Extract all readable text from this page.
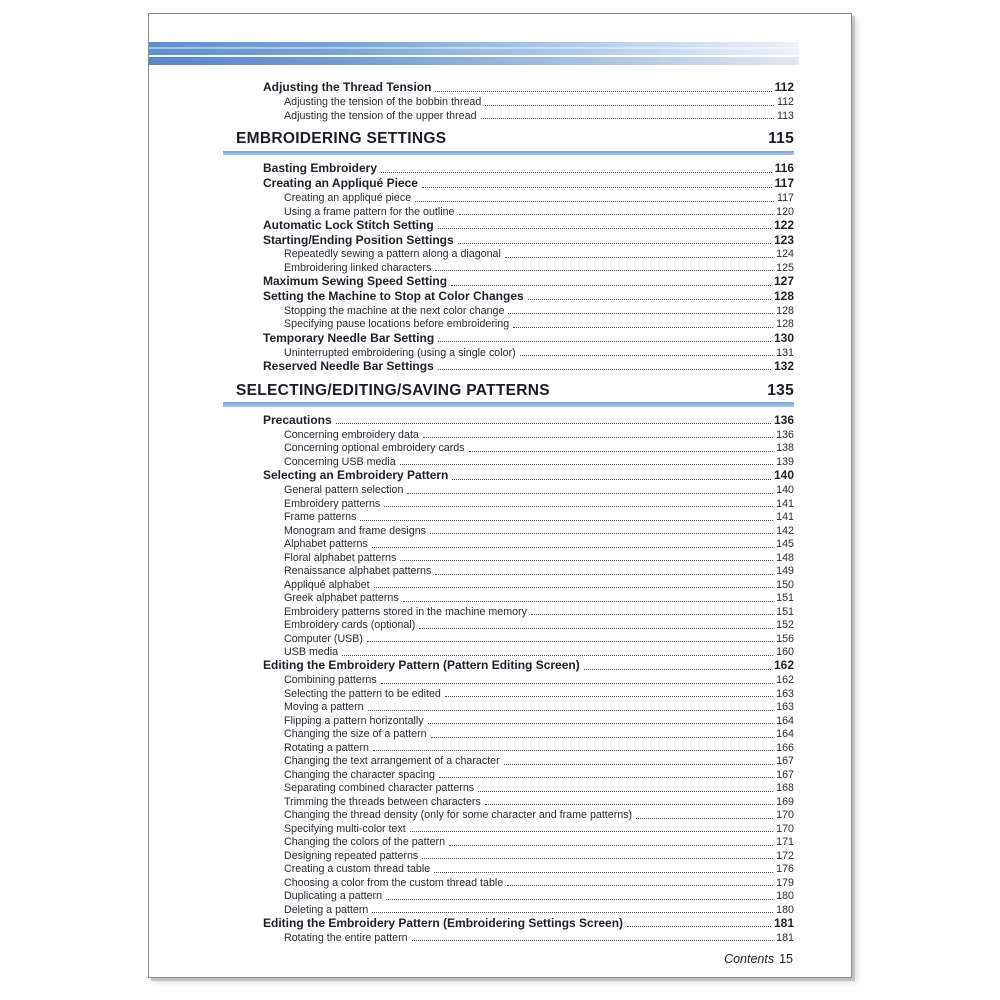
Adjusting the Thread Tension	112
Adjusting the tension of the bobbin thread	112
Adjusting the tension of the upper thread	113
EMBROIDERING SETTINGS	115
Basting Embroidery	116
Creating an Appliqué Piece	117
Creating an appliqué piece	117
Using a frame pattern for the outline	120
Automatic Lock Stitch Setting	122
Starting/Ending Position Settings	123
Repeatedly sewing a pattern along a diagonal	124
Embroidering linked characters	125
Maximum Sewing Speed Setting	127
Setting the Machine to Stop at Color Changes	128
Stopping the machine at the next color change	128
Specifying pause locations before embroidering	128
Temporary Needle Bar Setting	130
Uninterrupted embroidering (using a single color)	131
Reserved Needle Bar Settings	132
SELECTING/EDITING/SAVING PATTERNS	135
Precautions	136
Concerning embroidery data	136
Concerning optional embroidery cards	138
Concerning USB media	139
Selecting an Embroidery Pattern	140
General pattern selection	140
Embroidery patterns	141
Frame patterns	141
Monogram and frame designs	142
Alphabet patterns	145
Floral alphabet patterns	148
Renaissance alphabet patterns	149
Appliqué alphabet	150
Greek alphabet patterns	151
Embroidery patterns stored in the machine memory	151
Embroidery cards (optional)	152
Computer (USB)	156
USB media	160
Editing the Embroidery Pattern (Pattern Editing Screen)	162
Combining patterns	162
Selecting the pattern to be edited	163
Moving a pattern	163
Flipping a pattern horizontally	164
Changing the size of a pattern	164
Rotating a pattern	166
Changing the text arrangement of a character	167
Changing the character spacing	167
Separating combined character patterns	168
Trimming the threads between characters	169
Changing the thread density (only for some character and frame patterns)	170
Specifying multi-color text	170
Changing the colors of the pattern	171
Designing repeated patterns	172
Creating a custom thread table	176
Choosing a color from the custom thread table	179
Duplicating a pattern	180
Deleting a pattern	180
Editing the Embroidery Pattern (Embroidering Settings Screen)	181
Rotating the entire pattern	181
Contents 15
